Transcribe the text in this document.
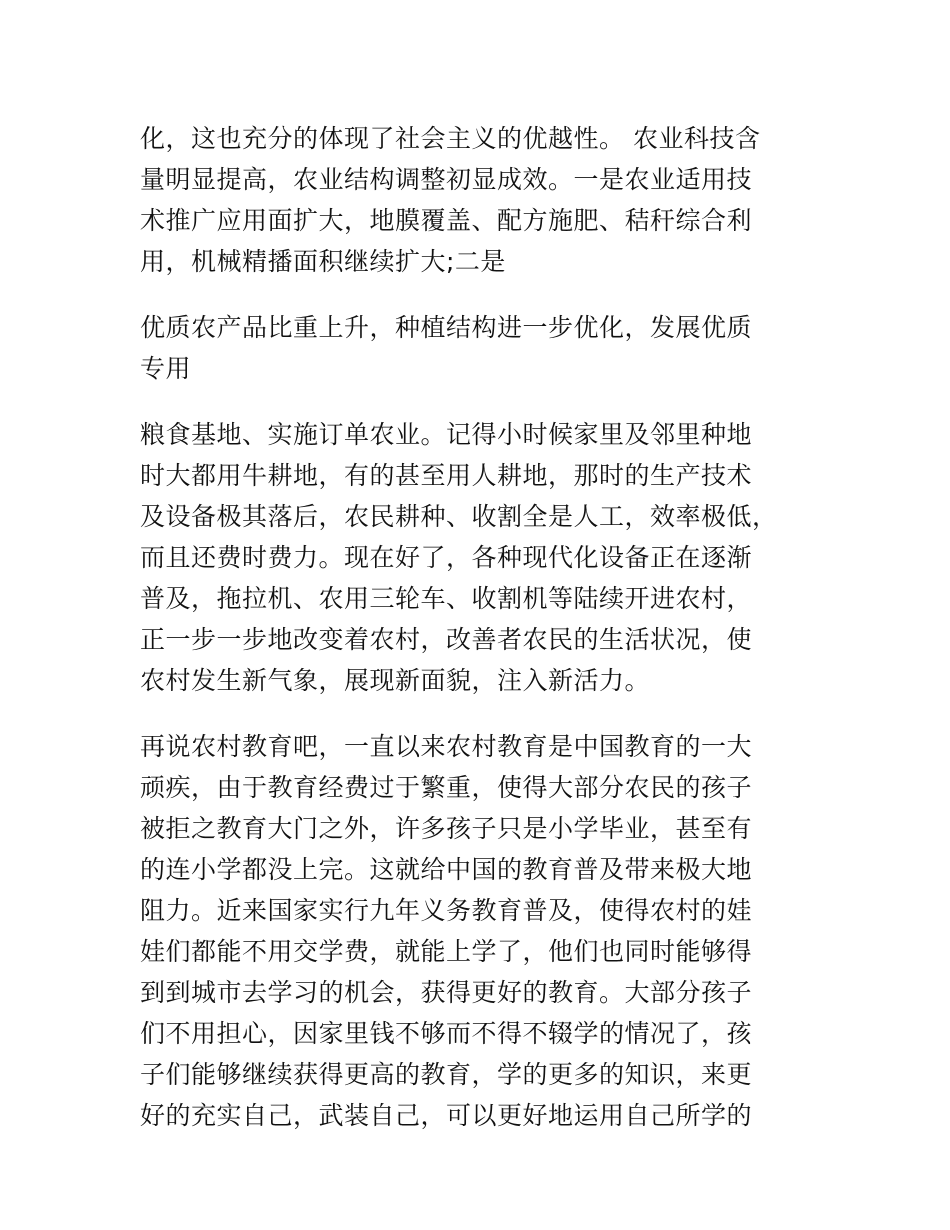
化，这也充分的体现了社会主义的优越性。 农业科技含
量明显提高，农业结构调整初显成效。一是农业适用技
术推广应用面扩大，地膜覆盖、配方施肥、秸秆综合利
用，机械精播面积继续扩大;二是
优质农产品比重上升，种植结构进一步优化，发展优质
专用
粮食基地、实施订单农业。记得小时候家里及邻里种地
时大都用牛耕地，有的甚至用人耕地，那时的生产技术
及设备极其落后，农民耕种、收割全是人工，效率极低，
而且还费时费力。现在好了，各种现代化设备正在逐渐
普及，拖拉机、农用三轮车、收割机等陆续开进农村，
正一步一步地改变着农村，改善者农民的生活状况，使
农村发生新气象，展现新面貌，注入新活力。
再说农村教育吧，一直以来农村教育是中国教育的一大
顽疾，由于教育经费过于繁重，使得大部分农民的孩子
被拒之教育大门之外，许多孩子只是小学毕业，甚至有
的连小学都没上完。这就给中国的教育普及带来极大地
阻力。近来国家实行九年义务教育普及，使得农村的娃
娃们都能不用交学费，就能上学了，他们也同时能够得
到到城市去学习的机会，获得更好的教育。大部分孩子
们不用担心，因家里钱不够而不得不辍学的情况了，孩
子们能够继续获得更高的教育，学的更多的知识，来更
好的充实自己，武装自己，可以更好地运用自己所学的
